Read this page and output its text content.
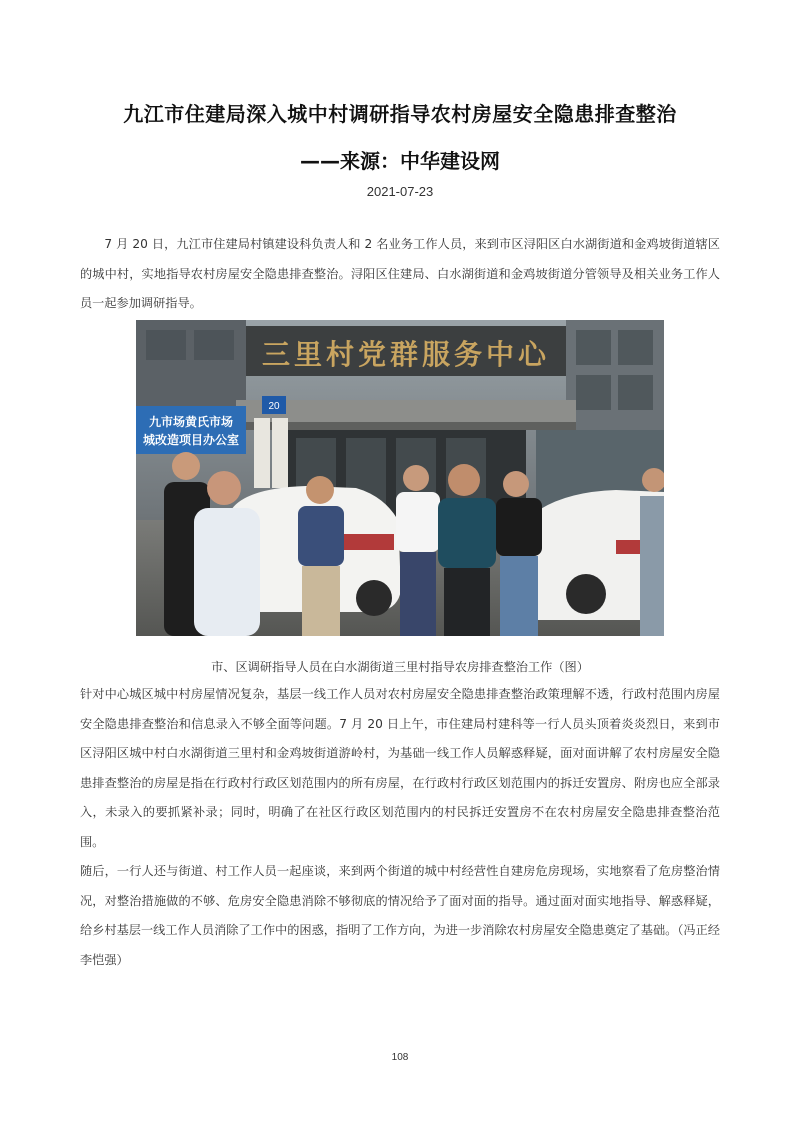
九江市住建局深入城中村调研指导农村房屋安全隐患排查整治
——来源：中华建设网
2021-07-23

7 月 20 日，九江市住建局村镇建设科负责人和 2 名业务工作人员，来到市区浔阳区白水湖街道和金鸡坡街道辖区的城中村，实地指导农村房屋安全隐患排查整治。浔阳区住建局、白水湖街道和金鸡坡街道分管领导及相关业务工作人员一起参加调研指导。

三里村党群服务中心
九市场黄氏市场
城改造项目办公室
20
市、区调研指导人员在白水湖街道三里村指导农房排查整治工作（图）

针对中心城区城中村房屋情况复杂，基层一线工作人员对农村房屋安全隐患排查整治政策理解不透，行政村范围内房屋安全隐患排查整治和信息录入不够全面等问题。7 月 20 日上午，市住建局村建科等一行人员头顶着炎炎烈日，来到市区浔阳区城中村白水湖街道三里村和金鸡坡街道游岭村，为基础一线工作人员解惑释疑，面对面讲解了农村房屋安全隐患排查整治的房屋是指在行政村行政区划范围内的所有房屋，在行政村行政区划范围内的拆迁安置房、附房也应全部录入，未录入的要抓紧补录；同时，明确了在社区行政区划范围内的村民拆迁安置房不在农村房屋安全隐患排查整治范围。

随后，一行人还与街道、村工作人员一起座谈，来到两个街道的城中村经营性自建房危房现场，实地察看了危房整治情况，对整治措施做的不够、危房安全隐患消除不够彻底的情况给予了面对面的指导。通过面对面实地指导、解惑释疑，给乡村基层一线工作人员消除了工作中的困惑，指明了工作方向，为进一步消除农村房屋安全隐患奠定了基础。（冯正经 李恺强）

108
